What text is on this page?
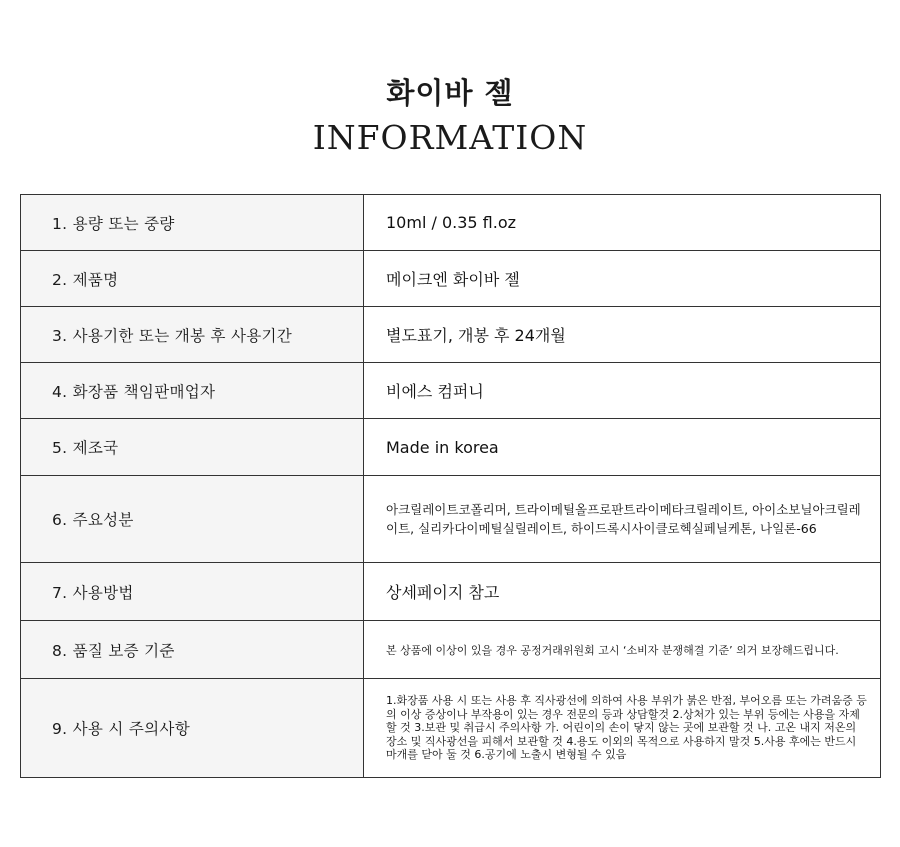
화이바 젤
INFORMATION
1. 용량 또는 중량	10ml / 0.35 fl.oz
2. 제품명	메이크엔 화이바 젤
3. 사용기한 또는 개봉 후 사용기간	별도표기, 개봉 후 24개월
4. 화장품 책임판매업자	비에스 컴퍼니
5. 제조국	Made in korea
6. 주요성분	아크릴레이트코폴리머, 트라이메틸올프로판트라이메타크릴레이트, 아이소보닐아크릴레이트, 실리카다이메틸실릴레이트, 하이드록시사이클로헥실페닐케톤, 나일론-66
7. 사용방법	상세페이지 참고
8. 품질 보증 기준	본 상품에 이상이 있을 경우 공정거래위원회 고시 ‘소비자 분쟁해결 기준’ 의거 보장해드립니다.
9. 사용 시 주의사항	1.화장품 사용 시 또는 사용 후 직사광선에 의하여 사용 부위가 붉은 반점, 부어오름 또는 가려움증 등의 이상 증상이나 부작용이 있는 경우 전문의 등과 상담할것 2.상처가 있는 부위 등에는 사용을 자제할 것 3.보관 및 취급시 주의사항 가. 어린이의 손이 닿지 않는 곳에 보관할 것 나. 고온 내지 저온의 장소 및 직사광선을 피해서 보관할 것 4.용도 이외의 목적으로 사용하지 말것 5.사용 후에는 반드시 마개를 닫아 둘 것 6.공기에 노출시 변형될 수 있음
